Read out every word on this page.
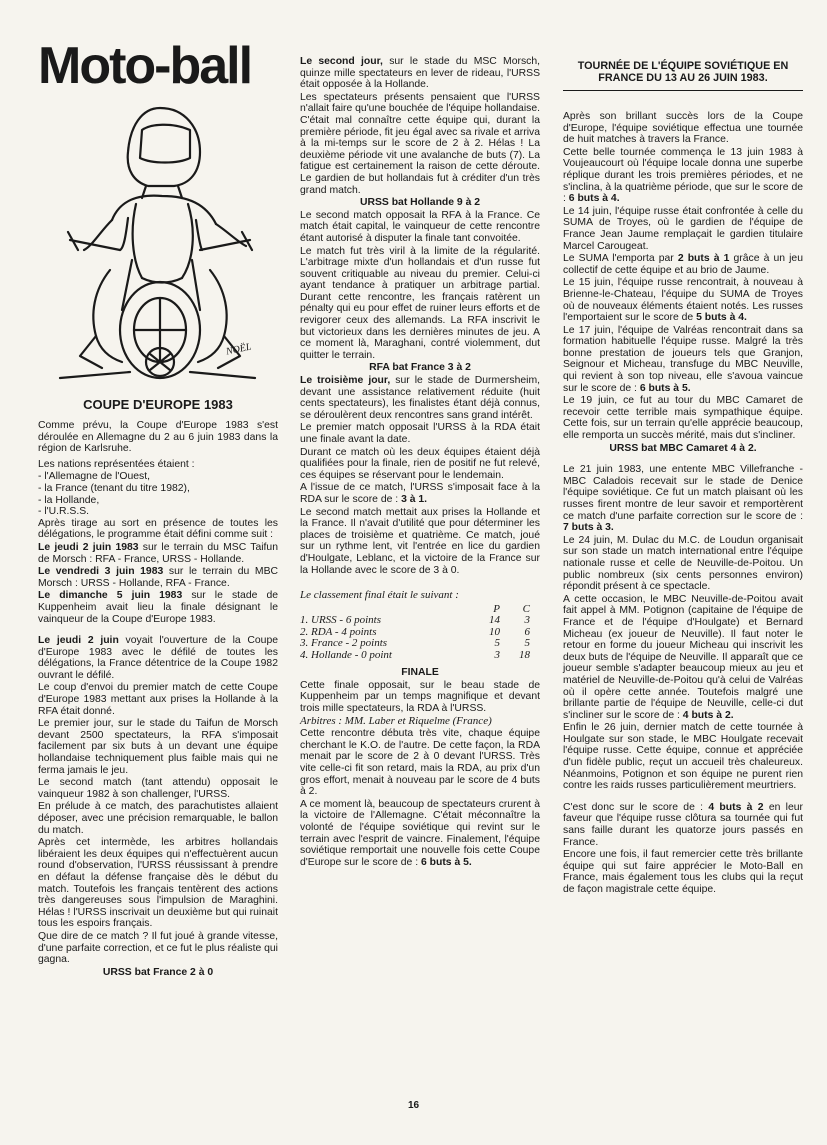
Moto-ball
NOËL
COUPE D'EUROPE 1983

Comme prévu, la Coupe d'Europe 1983 s'est déroulée en Allemagne du 2 au 6 juin 1983 dans la région de Karlsruhe.

Les nations représentées étaient :

- l'Allemagne de l'Ouest,
- la France (tenant du titre 1982),
- la Hollande,
- l'U.R.S.S.

Après tirage au sort en présence de toutes les délégations, le programme était défini comme suit :

Le jeudi 2 juin 1983 sur le terrain du MSC Taifun de Morsch : RFA - France, URSS - Hollande.

Le vendredi 3 juin 1983 sur le terrain du MBC Morsch : URSS - Hollande, RFA - France.

Le dimanche 5 juin 1983 sur le stade de Kuppenheim avait lieu la finale désignant le vainqueur de la Coupe d'Europe 1983.

Le jeudi 2 juin voyait l'ouverture de la Coupe d'Europe 1983 avec le défilé de toutes les délégations, la France détentrice de la Coupe 1982 ouvrant le défilé.

Le coup d'envoi du premier match de cette Coupe d'Europe 1983 mettant aux prises la Hollande à la RFA était donné.

Le premier jour, sur le stade du Taifun de Morsch devant 2500 spectateurs, la RFA s'imposait facilement par six buts à un devant une équipe hollandaise techniquement plus faible mais qui ne ferma jamais le jeu.

Le second match (tant attendu) opposait le vainqueur 1982 à son challenger, l'URSS.

En prélude à ce match, des parachutistes allaient déposer, avec une précision remarquable, le ballon du match.

Après cet intermède, les arbitres hollandais libéraient les deux équipes qui n'effectuèrent aucun round d'observation, l'URSS réussissant à prendre en défaut la défense française dès le début du match. Toutefois les français tentèrent des actions très dangereuses sous l'impulsion de Maraghini. Hélas ! l'URSS inscrivait un deuxième but qui ruinait tous les espoirs français.

Que dire de ce match ? Il fut joué à grande vitesse, d'une parfaite correction, et ce fut le plus réaliste qui gagna.

URSS bat France 2 à 0

Le second jour, sur le stade du MSC Morsch, quinze mille spectateurs en lever de rideau, l'URSS était opposée à la Hollande.

Les spectateurs présents pensaient que l'URSS n'allait faire qu'une bouchée de l'équipe hollandaise. C'était mal connaître cette équipe qui, durant la première période, fit jeu égal avec sa rivale et arriva à la mi-temps sur le score de 2 à 2. Hélas ! La deuxième période vit une avalanche de buts (7). La fatigue est certainement la raison de cette déroute. Le gardien de but hollandais fut à créditer d'un très grand match.

URSS bat Hollande 9 à 2

Le second match opposait la RFA à la France. Ce match était capital, le vainqueur de cette rencontre étant autorisé à disputer la finale tant convoitée.

Le match fut très viril à la limite de la régularité. L'arbitrage mixte d'un hollandais et d'un russe fut souvent critiquable au niveau du premier. Celui-ci ayant tendance à pratiquer un arbitrage partial. Durant cette rencontre, les français ratèrent un pénalty qui eu pour effet de ruiner leurs efforts et de revigorer ceux des allemands. La RFA inscrivit le but victorieux dans les dernières minutes de jeu. A ce moment là, Maraghani, contré violemment, dut quitter le terrain.

RFA bat France 3 à 2

Le troisième jour, sur le stade de Durmersheim, devant une assistance relativement réduite (huit cents spectateurs), les finalistes étant déjà connus, se déroulèrent deux rencontres sans grand intérêt.

Le premier match opposait l'URSS à la RDA était une finale avant la date.

Durant ce match où les deux équipes étaient déjà qualifiées pour la finale, rien de positif ne fut relevé, ces équipes se réservant pour le lendemain.

A l'issue de ce match, l'URSS s'imposait face à la RDA sur le score de : 3 à 1.

Le second match mettait aux prises la Hollande et la France. Il n'avait d'utilité que pour déterminer les places de troisième et quatrième. Ce match, joué sur un rythme lent, vit l'entrée en lice du gardien d'Houlgate, Leblanc, et la victoire de la France sur la Hollande avec le score de 3 à 0.

Le classement final était le suivant :

	P	C
1. URSS - 6 points	14	3
2. RDA - 4 points	10	6
3. France - 2 points	5	5
4. Hollande - 0 point	3	18
FINALE

Cette finale opposait, sur le beau stade de Kuppenheim par un temps magnifique et devant trois mille spectateurs, la RDA à l'URSS.

Arbitres : MM. Laber et Riquelme (France)

Cette rencontre débuta très vite, chaque équipe cherchant le K.O. de l'autre. De cette façon, la RDA menait par le score de 2 à 0 devant l'URSS. Très vite celle-ci fit son retard, mais la RDA, au prix d'un gros effort, menait à nouveau par le score de 4 buts à 2.

A ce moment là, beaucoup de spectateurs crurent à la victoire de l'Allemagne. C'était méconnaître la volonté de l'équipe soviétique qui revint sur le terrain avec l'esprit de vaincre. Finalement, l'équipe soviétique remportait une nouvelle fois cette Coupe d'Europe sur le score de : 6 buts à 5.

TOURNÉE DE L'ÉQUIPE SOVIÉTIQUE EN FRANCE DU 13 AU 26 JUIN 1983.

Après son brillant succès lors de la Coupe d'Europe, l'équipe soviétique effectua une tournée de huit matches à travers la France.

Cette belle tournée commença le 13 juin 1983 à Voujeaucourt où l'équipe locale donna une superbe réplique durant les trois premières périodes, et ne s'inclina, à la quatrième période, que sur le score de : 6 buts à 4.

Le 14 juin, l'équipe russe était confrontée à celle du SUMA de Troyes, où le gardien de l'équipe de France Jean Jaume remplaçait le gardien titulaire Marcel Carougeat.

Le SUMA l'emporta par 2 buts à 1 grâce à un jeu collectif de cette équipe et au brio de Jaume.

Le 15 juin, l'équipe russe rencontrait, à nouveau à Brienne-le-Chateau, l'équipe du SUMA de Troyes où de nouveaux éléments étaient notés. Les russes l'emportaient sur le score de 5 buts à 4.

Le 17 juin, l'équipe de Valréas rencontrait dans sa formation habituelle l'équipe russe. Malgré la très bonne prestation de joueurs tels que Granjon, Seignour et Micheau, transfuge du MBC Neuville, qui revient à son top niveau, elle s'avoua vaincue sur le score de : 6 buts à 5.

Le 19 juin, ce fut au tour du MBC Camaret de recevoir cette terrible mais sympathique équipe. Cette fois, sur un terrain qu'elle apprécie beaucoup, elle remporta un succès mérité, mais dut s'incliner.

URSS bat MBC Camaret 4 à 2.

Le 21 juin 1983, une entente MBC Villefranche - MBC Caladois recevait sur le stade de Denice l'équipe soviétique. Ce fut un match plaisant où les russes firent montre de leur savoir et remportèrent ce match d'une parfaite correction sur le score de : 7 buts à 3.

Le 24 juin, M. Dulac du M.C. de Loudun organisait sur son stade un match international entre l'équipe nationale russe et celle de Neuville-de-Poitou. Un public nombreux (six cents personnes environ) répondit présent à ce spectacle.

A cette occasion, le MBC Neuville-de-Poitou avait fait appel à MM. Potignon (capitaine de l'équipe de France et de l'équipe d'Houlgate) et Bernard Micheau (ex joueur de Neuville). Il faut noter le retour en forme du joueur Micheau qui inscrivit les deux buts de l'équipe de Neuville. Il apparaît que ce joueur semble s'adapter beaucoup mieux au jeu et matériel de Neuville-de-Poitou qu'à celui de Valréas où il opère cette année. Toutefois malgré une brillante partie de l'équipe de Neuville, celle-ci dut s'incliner sur le score de : 4 buts à 2.

Enfin le 26 juin, dernier match de cette tournée à Houlgate sur son stade, le MBC Houlgate recevait l'équipe russe. Cette équipe, connue et appréciée d'un fidèle public, reçut un accueil très chaleureux. Néanmoins, Potignon et son équipe ne purent rien contre les raids russes particulièrement meurtriers.

C'est donc sur le score de : 4 buts à 2 en leur faveur que l'équipe russe clôtura sa tournée qui fut sans faille durant les quatorze jours passés en France.

Encore une fois, il faut remercier cette très brillante équipe qui sut faire apprécier le Moto-Ball en France, mais également tous les clubs qui la reçut de façon magistrale cette équipe.

16
